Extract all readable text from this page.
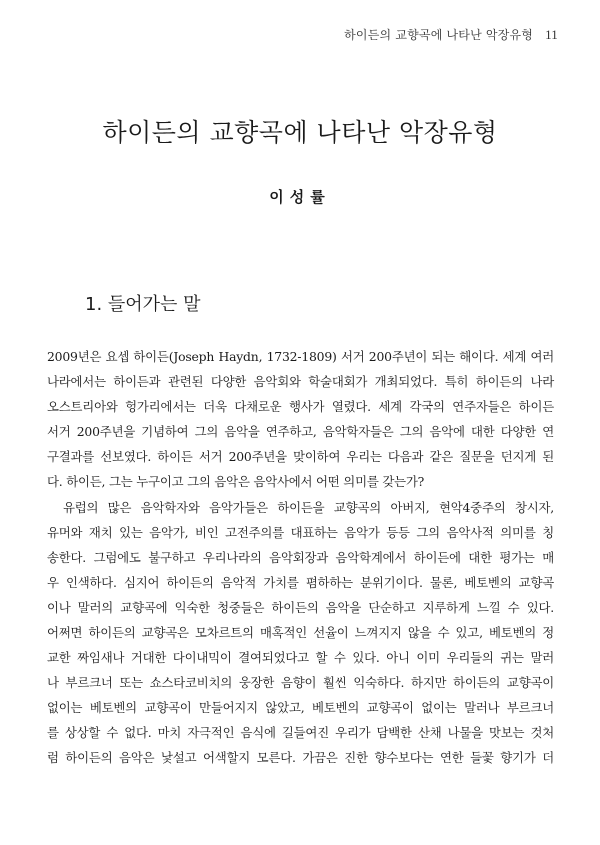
하이든의 교향곡에 나타난 악장유형 11
하이든의 교향곡에 나타난 악장유형
이성률
1. 들어가는 말
2009년은 요셉 하이든(Joseph Haydn, 1732-1809) 서거 200주년이 되는 해이다. 세계 여러
나라에서는 하이든과 관련된 다양한 음악회와 학술대회가 개최되었다. 특히 하이든의 나라
오스트리아와 헝가리에서는 더욱 다채로운 행사가 열렸다. 세계 각국의 연주자들은 하이든
서거 200주년을 기념하여 그의 음악을 연주하고, 음악학자들은 그의 음악에 대한 다양한 연
구결과를 선보였다. 하이든 서거 200주년을 맞이하여 우리는 다음과 같은 질문을 던지게 된
다. 하이든, 그는 누구이고 그의 음악은 음악사에서 어떤 의미를 갖는가?
유럽의 많은 음악학자와 음악가들은 하이든을 교향곡의 아버지, 현악4중주의 창시자,
유머와 재치 있는 음악가, 비인 고전주의를 대표하는 음악가 등등 그의 음악사적 의미를 칭
송한다. 그럼에도 불구하고 우리나라의 음악회장과 음악학계에서 하이든에 대한 평가는 매
우 인색하다. 심지어 하이든의 음악적 가치를 폄하하는 분위기이다. 물론, 베토벤의 교향곡
이나 말러의 교향곡에 익숙한 청중들은 하이든의 음악을 단순하고 지루하게 느낄 수 있다.
어쩌면 하이든의 교향곡은 모차르트의 매혹적인 선율이 느껴지지 않을 수 있고, 베토벤의 정
교한 짜임새나 거대한 다이내믹이 결여되었다고 할 수 있다. 아니 이미 우리들의 귀는 말러
나 부르크너 또는 쇼스타코비치의 웅장한 음향이 훨씬 익숙하다. 하지만 하이든의 교향곡이
없이는 베토벤의 교향곡이 만들어지지 않았고, 베토벤의 교향곡이 없이는 말러나 부르크너
를 상상할 수 없다. 마치 자극적인 음식에 길들여진 우리가 담백한 산채 나물을 맛보는 것처
럼 하이든의 음악은 낯설고 어색할지 모른다. 가끔은 진한 향수보다는 연한 들꽃 향기가 더
